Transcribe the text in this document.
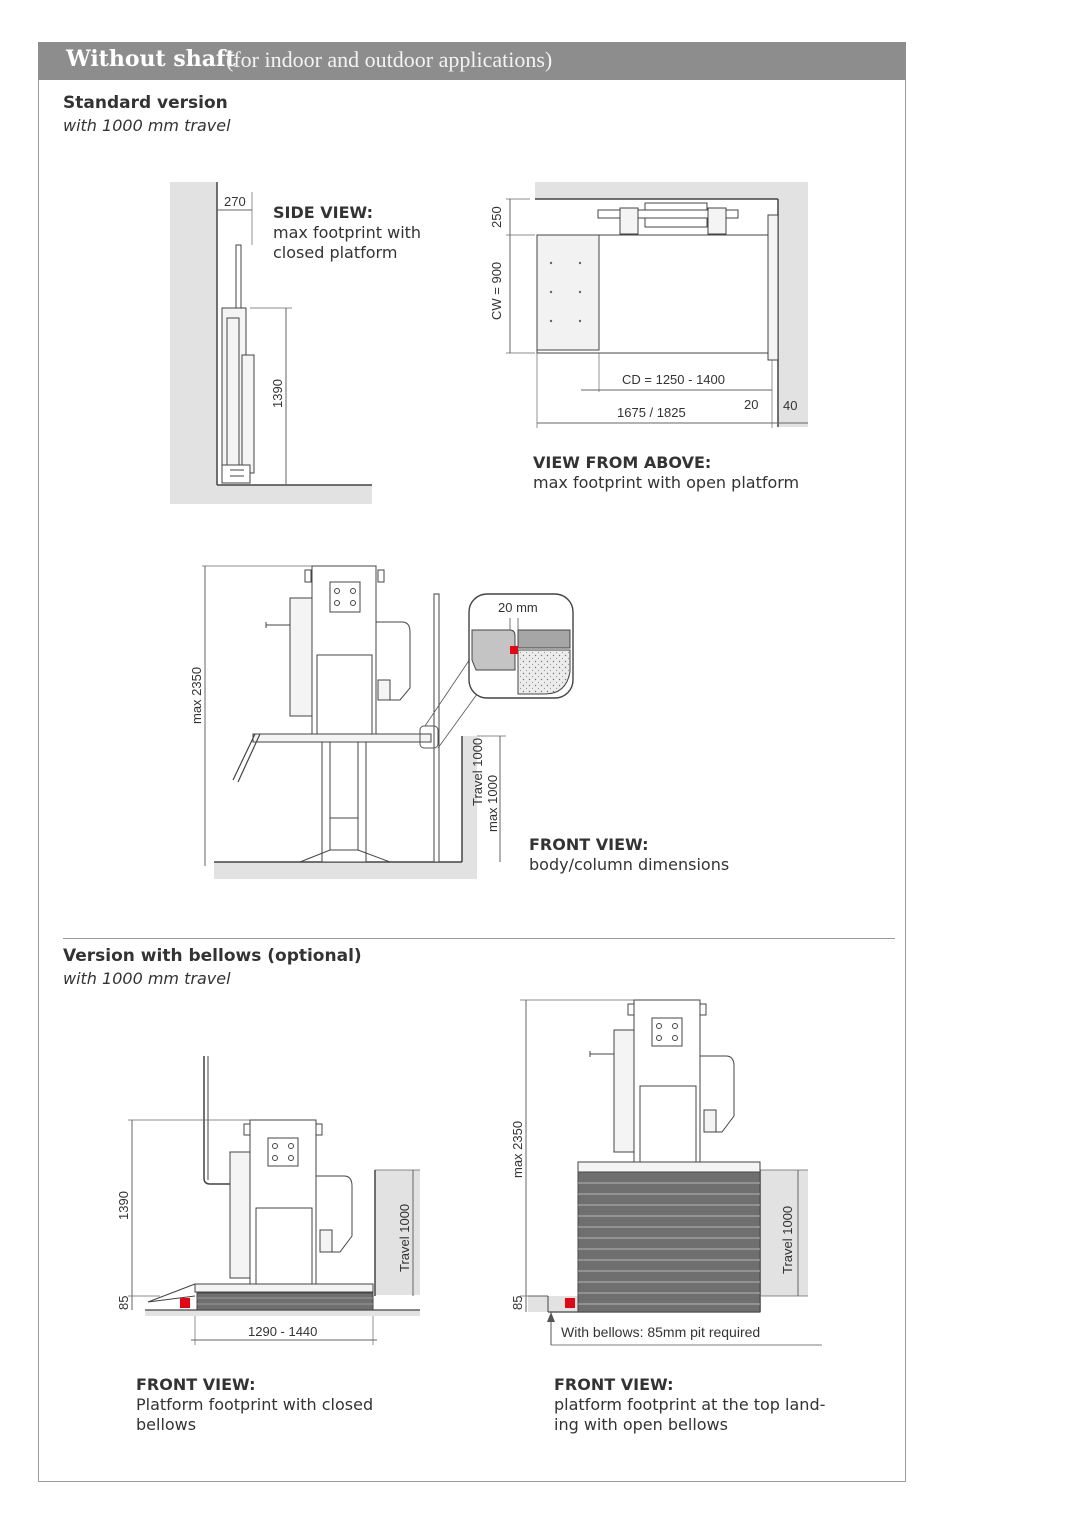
Without shaft
(for indoor and outdoor applications)
Standard version
with 1000 mm travel
Version with bellows (optional)
with 1000 mm travel
SIDE VIEW:
max footprint with
closed platform
VIEW FROM ABOVE:
max footprint with open platform
FRONT VIEW:
body/column dimensions
FRONT VIEW:
Platform footprint with closed
bellows
FRONT VIEW:
platform footprint at the top land-
ing with open bellows
270
1390
250
CW = 900
CD = 1250 - 1400
1675 / 1825
20 40
20 mm
max 2350
Travel 1000 max 1000
1390
85
1290 - 1440
Travel 1000
max 2350
85
Travel 1000
With bellows: 85mm pit required
